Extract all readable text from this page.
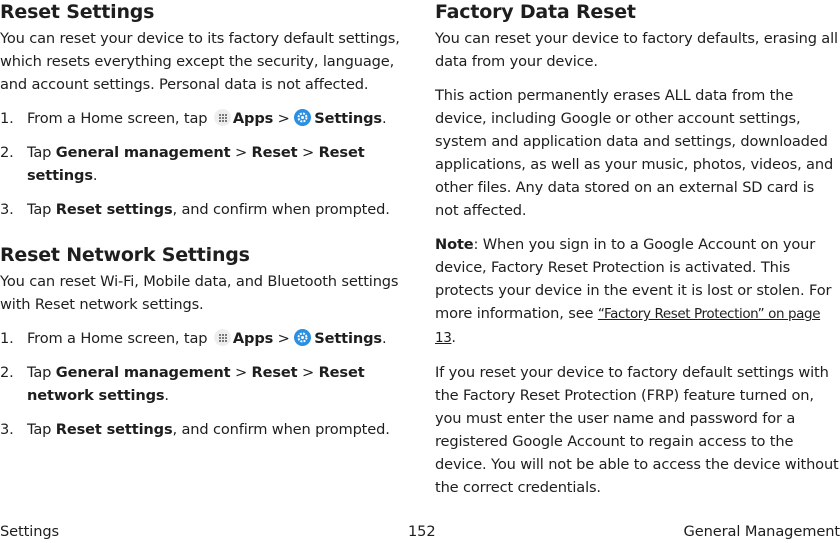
Reset Settings

You can reset your device to its factory default settings, which resets everything except the security, language, and account settings. Personal data is not affected.

1. From a Home screen, tap Apps > Settings.
2. Tap General management > Reset > Reset settings.
3. Tap Reset settings, and confirm when prompted.
Reset Network Settings

You can reset Wi-Fi, Mobile data, and Bluetooth settings with Reset network settings.

1. From a Home screen, tap Apps > Settings.
2. Tap General management > Reset > Reset network settings.
3. Tap Reset settings, and confirm when prompted.
Factory Data Reset

You can reset your device to factory defaults, erasing all data from your device.

This action permanently erases ALL data from the device, including Google or other account settings, system and application data and settings, downloaded applications, as well as your music, photos, videos, and other files. Any data stored on an external SD card is not affected.

Note: When you sign in to a Google Account on your device, Factory Reset Protection is activated. This protects your device in the event it is lost or stolen. For more information, see “Factory Reset Protection” on page 13.

If you reset your device to factory default settings with the Factory Reset Protection (FRP) feature turned on, you must enter the user name and password for a registered Google Account to regain access to the device. You will not be able to access the device without the correct credentials.

Settings	152	General Management
